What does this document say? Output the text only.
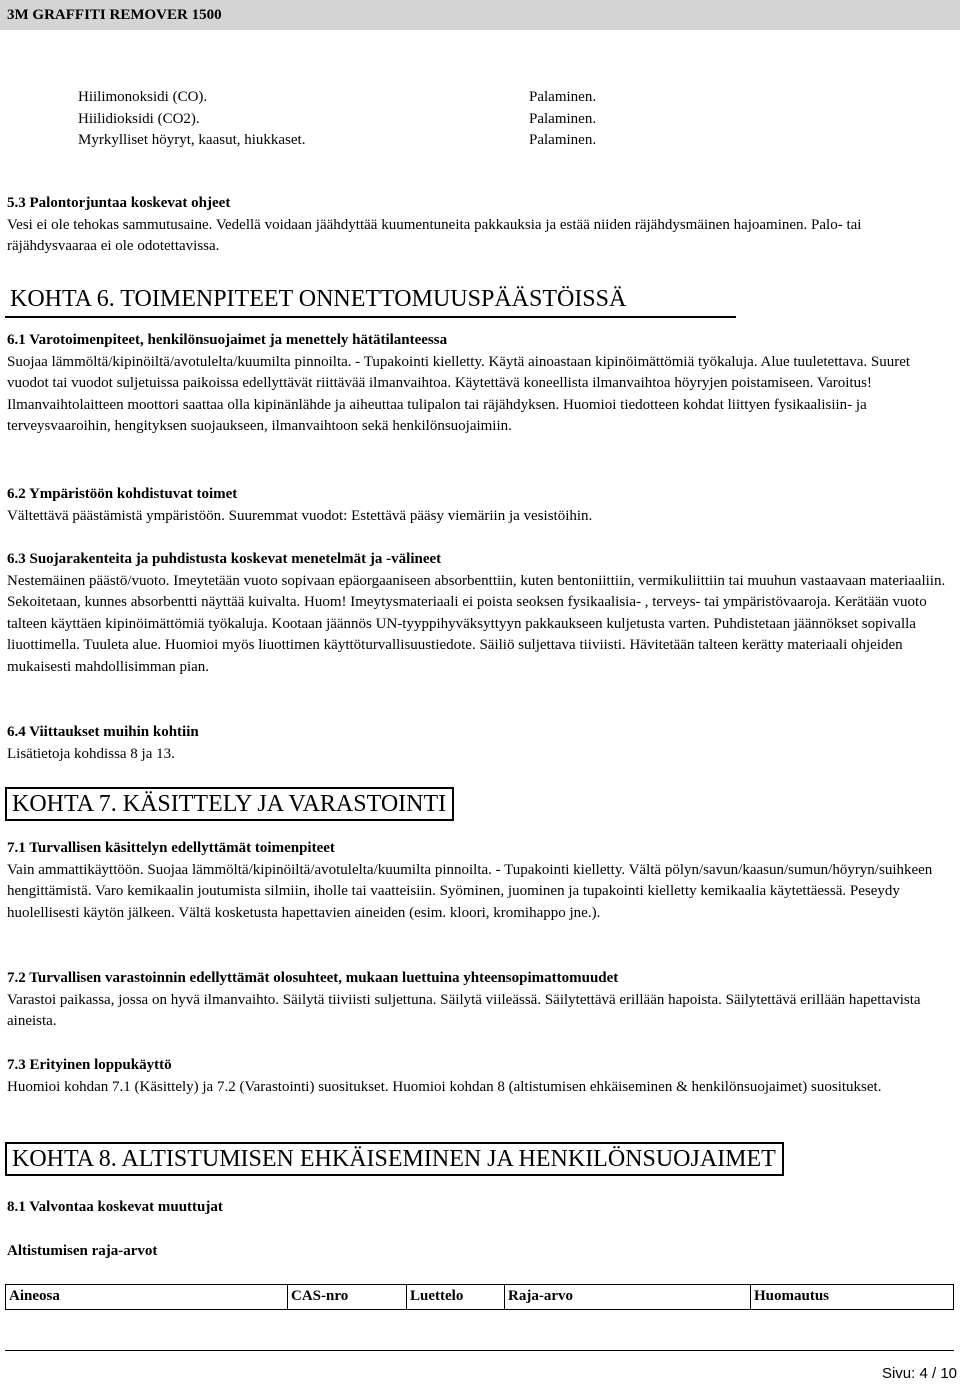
3M GRAFFITI REMOVER 1500
Hiilimonoksidi (CO).	Palaminen.
Hiilidioksidi (CO2).	Palaminen.
Myrkylliset höyryt, kaasut, hiukkaset.	Palaminen.
5.3 Palontorjuntaa koskevat ohjeet
Vesi ei ole tehokas sammutusaine. Vedellä voidaan jäähdyttää kuumentuneita pakkauksia ja estää niiden räjähdysmäinen hajoaminen. Palo- tai räjähdysvaaraa ei ole odotettavissa.
KOHTA 6. TOIMENPITEET ONNETTOMUUSPÄÄSTÖISSÄ
6.1 Varotoimenpiteet, henkilönsuojaimet ja menettely hätätilanteessa
Suojaa lämmöltä/kipinöiltä/avotulelta/kuumilta pinnoilta. - Tupakointi kielletty. Käytä ainoastaan kipinöimättömiä työkaluja. Alue tuuletettava. Suuret vuodot tai vuodot suljetuissa paikoissa edellyttävät riittävää ilmanvaihtoa. Käytettävä koneellista ilmanvaihtoa höyryjen poistamiseen. Varoitus! Ilmanvaihtolaitteen moottori saattaa olla kipinänlähde ja aiheuttaa tulipalon tai räjähdyksen. Huomioi tiedotteen kohdat liittyen fysikaalisiin- ja terveysvaaroihin, hengityksen suojaukseen, ilmanvaihtoon sekä henkilönsuojaimiin.
6.2 Ympäristöön kohdistuvat toimet
Vältettävä päästämistä ympäristöön. Suuremmat vuodot: Estettävä pääsy viemäriin ja vesistöihin.
6.3 Suojarakenteita ja puhdistusta koskevat menetelmät ja -välineet
Nestemäinen päästö/vuoto. Imeytetään vuoto sopivaan epäorgaaniseen absorbenttiin, kuten bentoniittiin, vermikuliittiin tai muuhun vastaavaan materiaaliin. Sekoitetaan, kunnes absorbentti näyttää kuivalta. Huom! Imeytysmateriaali ei poista seoksen fysikaalisia- , terveys- tai ympäristövaaroja. Kerätään vuoto talteen käyttäen kipinöimättömiä työkaluja. Kootaan jäännös UN-tyyppihyväksyttyyn pakkaukseen kuljetusta varten. Puhdistetaan jäännökset sopivalla liuottimella. Tuuleta alue. Huomioi myös liuottimen käyttöturvallisuustiedote. Säiliö suljettava tiiviisti. Hävitetään talteen kerätty materiaali ohjeiden mukaisesti mahdollisimman pian.
6.4 Viittaukset muihin kohtiin
Lisätietoja kohdissa 8 ja 13.
KOHTA 7. KÄSITTELY JA VARASTOINTI
7.1 Turvallisen käsittelyn edellyttämät toimenpiteet
Vain ammattikäyttöön. Suojaa lämmöltä/kipinöiltä/avotulelta/kuumilta pinnoilta. - Tupakointi kielletty. Vältä pölyn/savun/kaasun/sumun/höyryn/suihkeen hengittämistä. Varo kemikaalin joutumista silmiin, iholle tai vaatteisiin. Syöminen, juominen ja tupakointi kielletty kemikaalia käytettäessä. Peseydy huolellisesti käytön jälkeen. Vältä kosketusta hapettavien aineiden (esim. kloori, kromihappo jne.).
7.2 Turvallisen varastoinnin edellyttämät olosuhteet, mukaan luettuina yhteensopimattomuudet
Varastoi paikassa, jossa on hyvä ilmanvaihto. Säilytä tiiviisti suljettuna. Säilytä viileässä. Säilytettävä erillään hapoista. Säilytettävä erillään hapettavista aineista.
7.3 Erityinen loppukäyttö
Huomioi kohdan 7.1 (Käsittely) ja 7.2 (Varastointi) suositukset. Huomioi kohdan 8 (altistumisen ehkäiseminen & henkilönsuojaimet) suositukset.
KOHTA 8. ALTISTUMISEN EHKÄISEMINEN JA HENKILÖNSUOJAIMET
8.1 Valvontaa koskevat muuttujat
Altistumisen raja-arvot
Aineosa	CAS-nro	Luettelo	Raja-arvo	Huomautus
Sivu: 4 / 10
